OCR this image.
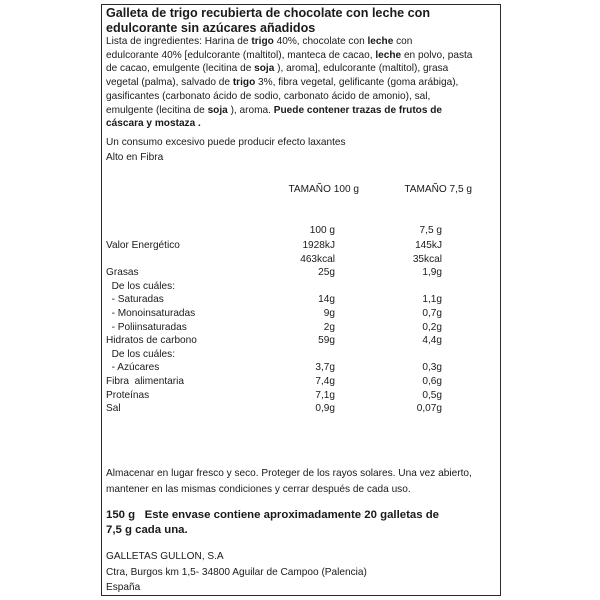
Galleta de trigo recubierta de chocolate con leche con
edulcorante sin azúcares añadidos
Lista de ingredientes: Harina de trigo 40%, chocolate con leche con
edulcorante 40% [edulcorante (maltitol), manteca de cacao, leche en polvo, pasta
de cacao, emulgente (lecitina de soja ), aroma], edulcorante (maltitol), grasa
vegetal (palma), salvado de trigo 3%, fibra vegetal, gelificante (goma arábiga),
gasificantes (carbonato ácido de sodio, carbonato ácido de amonio), sal,
emulgente (lecitina de soja ), aroma. Puede contener trazas de frutos de
cáscara y mostaza .
Un consumo excesivo puede producir efecto laxantes
Alto en Fibra
TAMAÑO 100 g	TAMAÑO 7,5 g
100 g	7,5 g
Valor Energético	1928kJ	145kJ
463kcal	35kcal
Grasas	25g	1,9g
De los cuáles:
- Saturadas	14g	1,1g
- Monoinsaturadas	9g	0,7g
- Poliinsaturadas	2g	0,2g
Hidratos de carbono	59g	4,4g
De los cuáles:
- Azúcares	3,7g	0,3g
Fibra  alimentaria	7,4g	0,6g
Proteínas	7,1g	0,5g
Sal	0,9g	0,07g
Almacenar en lugar fresco y seco. Proteger de los rayos solares. Una vez abierto,
mantener en las mismas condiciones y cerrar después de cada uso.
150 g   Este envase contiene aproximadamente 20 galletas de
7,5 g cada una.
GALLETAS GULLON, S.A
Ctra, Burgos km 1,5- 34800 Aguilar de Campoo (Palencia)
España
